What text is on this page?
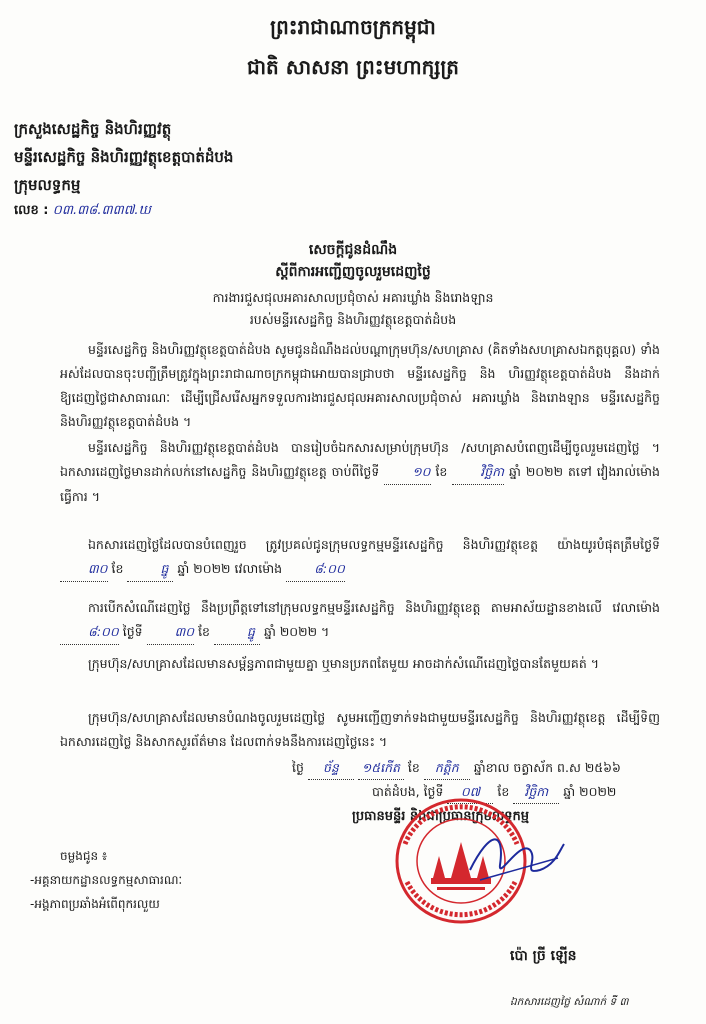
ព្រះរាជាណាចក្រកម្ពុជា
ជាតិ សាសនា ព្រះមហាក្សត្រ
ក្រសួងសេដ្ឋកិច្ច និងហិរញ្ញវត្ថុ
មន្ទីរសេដ្ឋកិច្ច និងហិរញ្ញវត្ថុខេត្តបាត់ដំបង
ក្រុមលទ្ធកម្ម
លេខ : ០៣.៣៨.៣៣៧.ឃ
សេចក្តីជូនដំណឹង
ស្តីពីការអញ្ជើញចូលរួមដេញថ្លៃ
ការងារជួសជុលអគារសាលប្រជុំចាស់ អគារឃ្លាំង និងរោងឡាន
របស់មន្ទីរសេដ្ឋកិច្ច និងហិរញ្ញវត្ថុខេត្តបាត់ដំបង
មន្ទីរសេដ្ឋកិច្ច និងហិរញ្ញវត្ថុខេត្តបាត់ដំបង សូមជូនដំណឹងដល់បណ្តាក្រុមហ៊ុន/សហគ្រាស (គិតទាំងសហគ្រាសឯកត្តបុគ្គល) ទាំងអស់ដែលបានចុះបញ្ជីត្រឹមត្រូវក្នុងព្រះរាជាណាចក្រកម្ពុជាអោយបានជ្រាបថា មន្ទីរសេដ្ឋកិច្ច និង ហិរញ្ញវត្ថុខេត្តបាត់ដំបង នឹងដាក់ឱ្យដេញថ្លៃជាសាធារណៈ ដើម្បីជ្រើសរើសអ្នកទទួលការងារជួសជុលអគារសាលប្រជុំចាស់ អគារឃ្លាំង និងរោងឡាន មន្ទីរសេដ្ឋកិច្ច និងហិរញ្ញវត្ថុខេត្តបាត់ដំបង ។
មន្ទីរសេដ្ឋកិច្ច និងហិរញ្ញវត្ថុខេត្តបាត់ដំបង បានរៀបចំឯកសារសម្រាប់ក្រុមហ៊ុន /សហគ្រាសបំពេញដើម្បីចូលរួមដេញថ្លៃ ។ ឯកសារដេញថ្លៃមានដាក់លក់នៅសេដ្ឋកិច្ច និងហិរញ្ញវត្ថុខេត្ត ចាប់ពីថ្ងៃទី	១០ ខែ	វិច្ឆិកា ឆ្នាំ ២០២២ តទៅ វៀងរាល់ម៉ោងធ្វើការ ។
ឯកសារដេញថ្លៃដែលបានបំពេញរួច ត្រូវប្រគល់ជូនក្រុមលទ្ធកម្មមន្ទីរសេដ្ឋកិច្ច និងហិរញ្ញវត្ថុខេត្ត យ៉ាងយូរបំផុតត្រឹមថ្ងៃទី ៣០ ខែ	ធ្នូ ឆ្នាំ ២០២២ វេលាម៉ោង	៨:០០
ការបើកសំណើដេញថ្លៃ នឹងប្រព្រឹត្តទៅនៅក្រុមលទ្ធកម្មមន្ទីរសេដ្ឋកិច្ច និងហិរញ្ញវត្ថុខេត្ត តាមអាស័យដ្ឋានខាងលើ វេលាម៉ោង ៨:០០ ថ្ងៃទី	៣០ ខែ	ធ្នូ ឆ្នាំ ២០២២ ។
ក្រុមហ៊ុន/សហគ្រាសដែលមានសម្ព័ន្ធភាពជាមួយគ្នា ឬមានប្រភពតែមួយ អាចដាក់សំណើដេញថ្លៃបានតែមួយគត់ ។
ក្រុមហ៊ុន/សហគ្រាសដែលមានបំណងចូលរួមដេញថ្លៃ សូមអញ្ជើញទាក់ទងជាមួយមន្ទីរសេដ្ឋកិច្ច និងហិរញ្ញវត្ថុខេត្ត ដើម្បីទិញឯកសារដេញថ្លៃ និងសាកសួរព័ត៌មាន ដែលពាក់ទងនឹងការដេញថ្លៃនេះ ។
ថ្ងៃ ច័ន្ទ ១៥កើត ខែ កត្តិក ឆ្នាំខាល ចត្វាស័ក ព.ស ២៥៦៦
បាត់ដំបង, ថ្ងៃទី ០៧ ខែ វិច្ឆិកា ឆ្នាំ ២០២២
ប្រធានមន្ទីរ និងជាប្រធានក្រុមលទ្ធកម្ម
ប៉ោ ច្រី ឡើន
ចម្លងជូន ៖
-អគ្គនាយកដ្ឋានលទ្ធកម្មសាធារណៈ
-អង្គភាពប្រឆាំងអំពើពុករលួយ
ឯកសារដេញថ្លៃ សំណាក់ ទី ៣
